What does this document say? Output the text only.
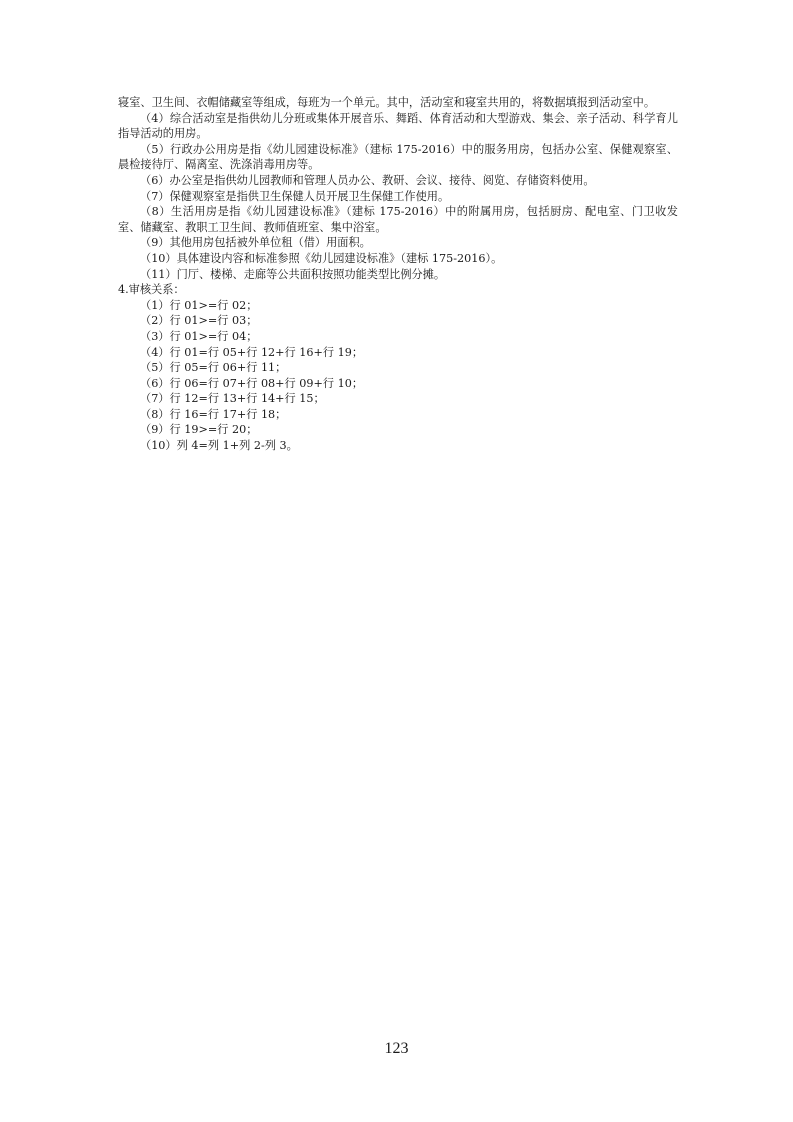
寝室、卫生间、衣帽储藏室等组成，每班为一个单元。其中，活动室和寝室共用的，将数据填报到活动室中。

（4）综合活动室是指供幼儿分班或集体开展音乐、舞蹈、体育活动和大型游戏、集会、亲子活动、科学育儿指导活动的用房。

（5）行政办公用房是指《幼儿园建设标准》（建标 175-2016）中的服务用房，包括办公室、保健观察室、晨检接待厅、隔离室、洗涤消毒用房等。

（6）办公室是指供幼儿园教师和管理人员办公、教研、会议、接待、阅览、存储资料使用。

（7）保健观察室是指供卫生保健人员开展卫生保健工作使用。

（8）生活用房是指《幼儿园建设标准》（建标 175-2016）中的附属用房，包括厨房、配电室、门卫收发室、储藏室、教职工卫生间、教师值班室、集中浴室。

（9）其他用房包括被外单位租（借）用面积。

（10）具体建设内容和标准参照《幼儿园建设标准》（建标 175-2016）。

（11）门厅、楼梯、走廊等公共面积按照功能类型比例分摊。

4.审核关系：

（1）行 01>=行 02；

（2）行 01>=行 03；

（3）行 01>=行 04；

（4）行 01=行 05+行 12+行 16+行 19；

（5）行 05=行 06+行 11；

（6）行 06=行 07+行 08+行 09+行 10；

（7）行 12=行 13+行 14+行 15；

（8）行 16=行 17+行 18；

（9）行 19>=行 20；

（10）列 4=列 1+列 2-列 3。

123
